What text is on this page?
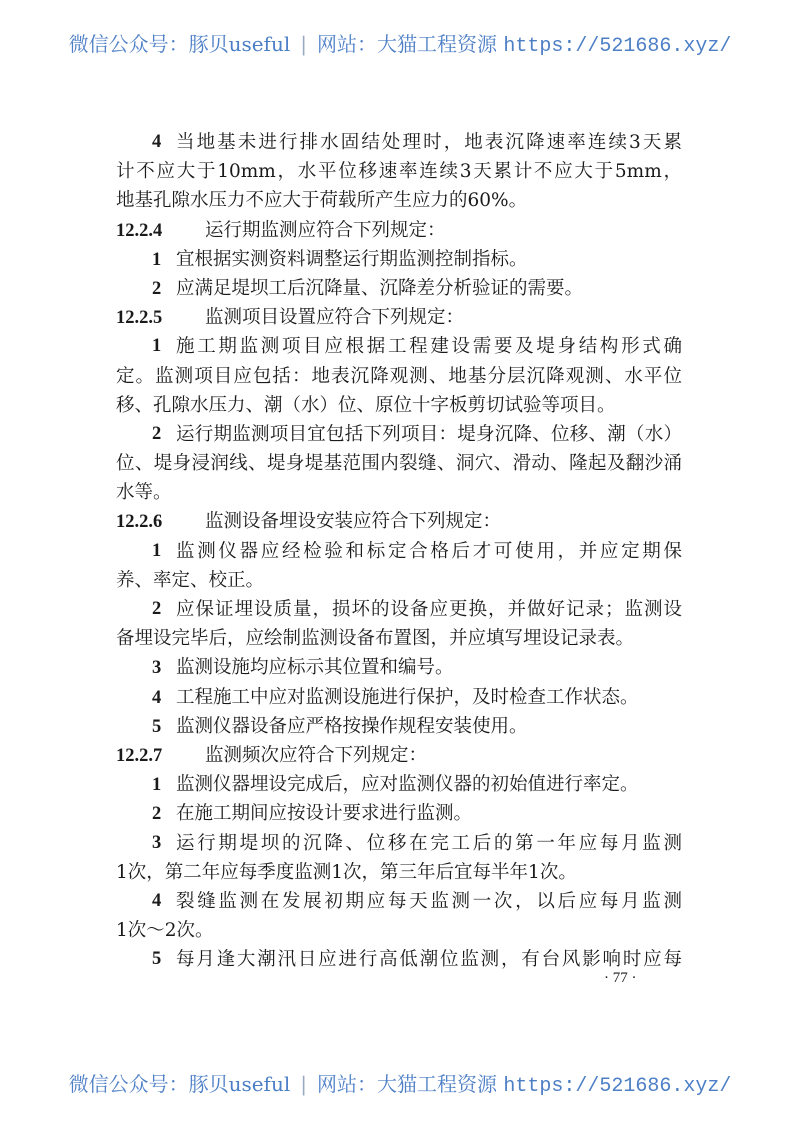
微信公众号：豚贝useful | 网站：大猫工程资源 https://521686.xyz/
4 当地基未进行排水固结处理时，地表沉降速率连续3天累
计不应大于10mm，水平位移速率连续3天累计不应大于5mm，
地基孔隙水压力不应大于荷载所产生应力的60%。
12.2.4 运行期监测应符合下列规定：
1 宜根据实测资料调整运行期监测控制指标。
2 应满足堤坝工后沉降量、沉降差分析验证的需要。
12.2.5 监测项目设置应符合下列规定：
1 施工期监测项目应根据工程建设需要及堤身结构形式确
定。监测项目应包括：地表沉降观测、地基分层沉降观测、水平位
移、孔隙水压力、潮（水）位、原位十字板剪切试验等项目。
2 运行期监测项目宜包括下列项目：堤身沉降、位移、潮（水）
位、堤身浸润线、堤身堤基范围内裂缝、洞穴、滑动、隆起及翻沙涌
水等。
12.2.6 监测设备埋设安装应符合下列规定：
1 监测仪器应经检验和标定合格后才可使用，并应定期保
养、率定、校正。
2 应保证埋设质量，损坏的设备应更换，并做好记录；监测设
备埋设完毕后，应绘制监测设备布置图，并应填写埋设记录表。
3 监测设施均应标示其位置和编号。
4 工程施工中应对监测设施进行保护，及时检查工作状态。
5 监测仪器设备应严格按操作规程安装使用。
12.2.7 监测频次应符合下列规定：
1 监测仪器埋设完成后，应对监测仪器的初始值进行率定。
2 在施工期间应按设计要求进行监测。
3 运行期堤坝的沉降、位移在完工后的第一年应每月监测
1次，第二年应每季度监测1次，第三年后宜每半年1次。
4 裂缝监测在发展初期应每天监测一次，以后应每月监测
1次～2次。
5 每月逢大潮汛日应进行高低潮位监测，有台风影响时应每
· 77 ·
微信公众号：豚贝useful | 网站：大猫工程资源 https://521686.xyz/
